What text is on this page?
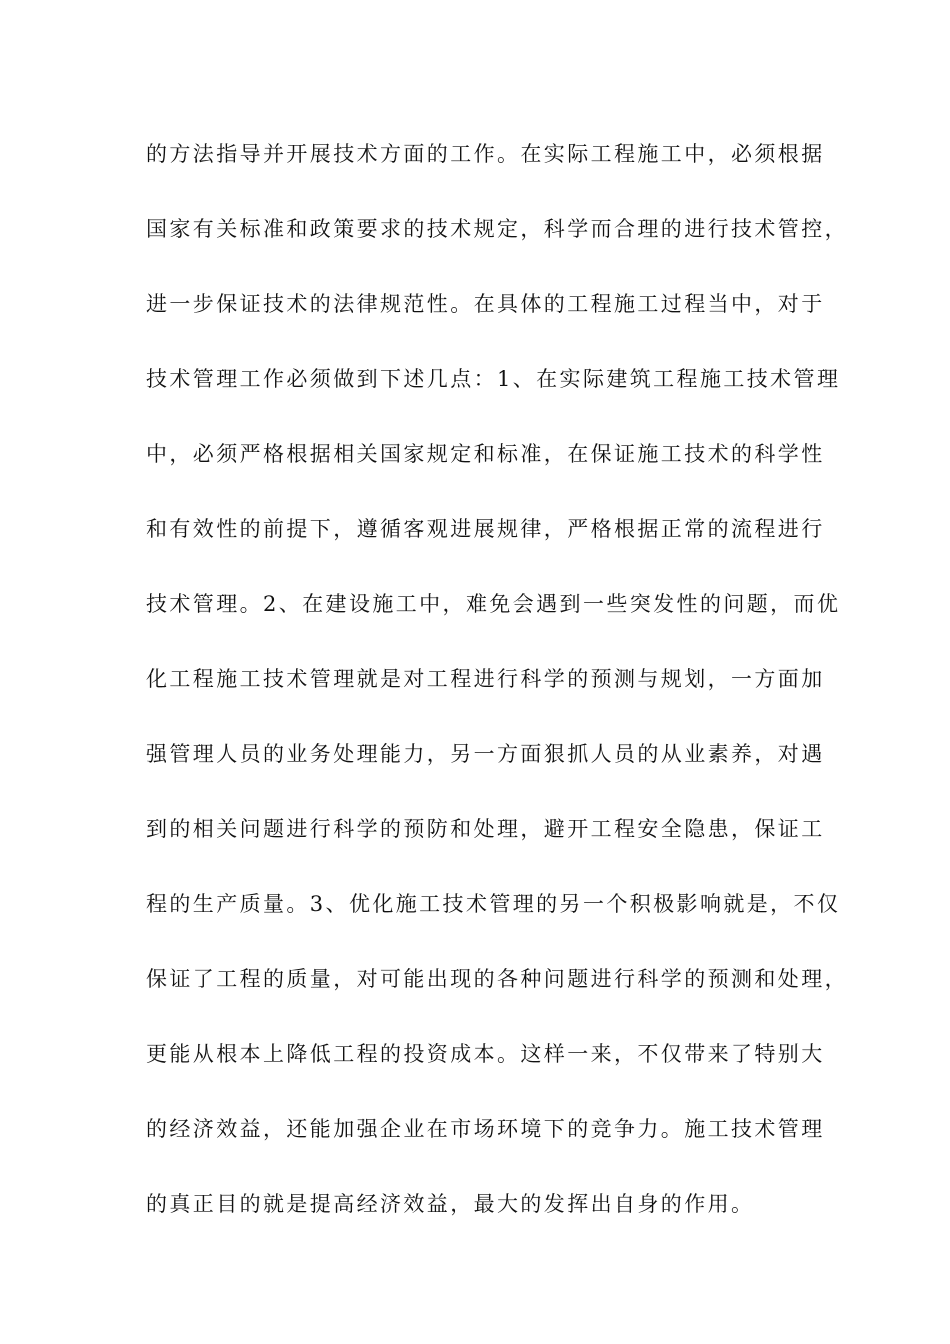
的方法指导并开展技术方面的工作。在实际工程施工中，必须根据
国家有关标准和政策要求的技术规定，科学而合理的进行技术管控，
进一步保证技术的法律规范性。在具体的工程施工过程当中，对于
技术管理工作必须做到下述几点：1、在实际建筑工程施工技术管理
中，必须严格根据相关国家规定和标准，在保证施工技术的科学性
和有效性的前提下，遵循客观进展规律，严格根据正常的流程进行
技术管理。2、在建设施工中，难免会遇到一些突发性的问题，而优
化工程施工技术管理就是对工程进行科学的预测与规划，一方面加
强管理人员的业务处理能力，另一方面狠抓人员的从业素养，对遇
到的相关问题进行科学的预防和处理，避开工程安全隐患，保证工
程的生产质量。3、优化施工技术管理的另一个积极影响就是，不仅
保证了工程的质量，对可能出现的各种问题进行科学的预测和处理，
更能从根本上降低工程的投资成本。这样一来，不仅带来了特别大
的经济效益，还能加强企业在市场环境下的竞争力。施工技术管理
的真正目的就是提高经济效益，最大的发挥出自身的作用。
